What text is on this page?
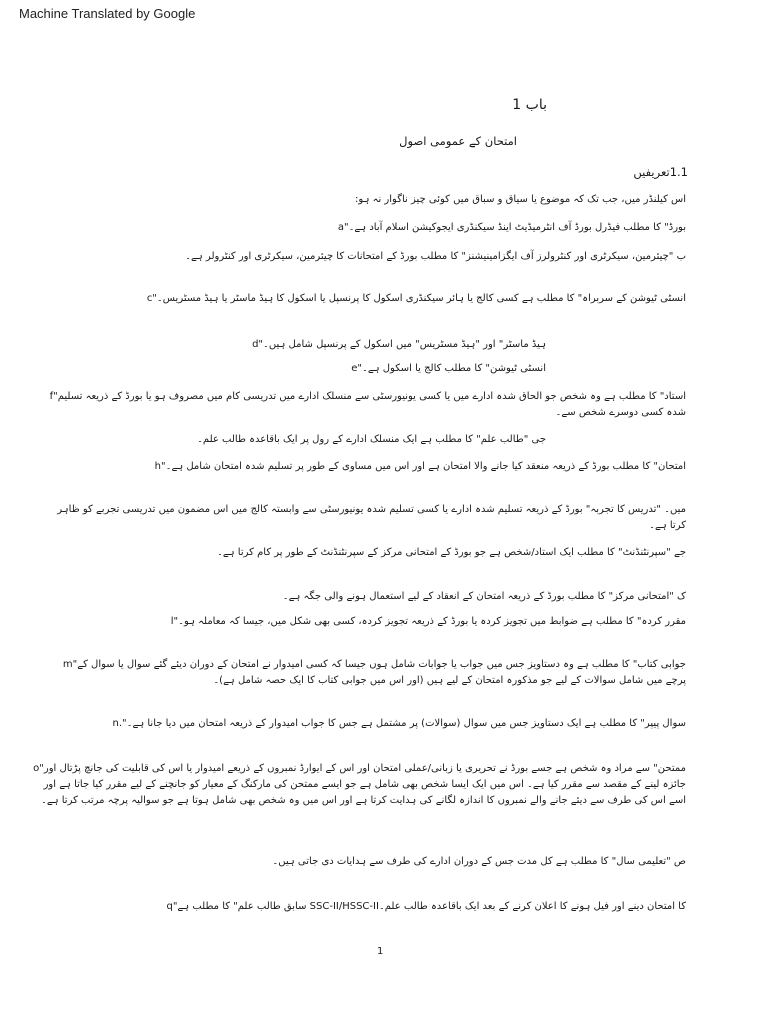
Machine Translated by Google
باب 1
امتحان کے عمومی اصول
1.1تعریفیں
اس کیلنڈر میں، جب تک کہ موضوع یا سیاق و سباق میں کوئی چیز ناگوار نہ ہو:
a"بورڈ" کا مطلب فیڈرل بورڈ آف انٹرمیڈیٹ اینڈ سیکنڈری ایجوکیشن اسلام آباد ہے۔
ب "چیئرمین، سیکرٹری اور کنٹرولرز آف ایگزامینیشنز" کا مطلب بورڈ کے امتحانات کا چیئرمین، سیکرٹری اور کنٹرولر ہے۔
c"انسٹی ٹیوشن کے سربراہ" کا مطلب ہے کسی کالج یا ہائر سیکنڈری اسکول کا پرنسپل یا اسکول کا ہیڈ ماسٹر یا ہیڈ مسٹریس۔
d"ہیڈ ماسٹر" اور "ہیڈ مسٹریس" میں اسکول کے پرنسپل شامل ہیں۔
e"انسٹی ٹیوشن" کا مطلب کالج یا اسکول ہے۔
f"استاد" کا مطلب ہے وہ شخص جو الحاق شدہ ادارے میں یا کسی یونیورسٹی سے منسلک ادارے میں تدریسی کام میں مصروف ہو یا بورڈ کے ذریعہ تسلیم شدہ کسی دوسرے شخص سے۔
جی "طالب علم" کا مطلب ہے ایک منسلک ادارے کے رول پر ایک باقاعدہ طالب علم۔
h"امتحان" کا مطلب بورڈ کے ذریعہ منعقد کیا جانے والا امتحان ہے اور اس میں مساوی کے طور پر تسلیم شدہ امتحان شامل ہے۔
میں۔ "تدریس کا تجربہ" بورڈ کے ذریعہ تسلیم شدہ ادارے یا کسی تسلیم شدہ یونیورسٹی سے وابستہ کالج میں اس مضمون میں تدریسی تجربے کو ظاہر کرتا ہے۔
جے "سپرنٹنڈنٹ" کا مطلب ایک استاد/شخص ہے جو بورڈ کے امتحانی مرکز کے سپرنٹنڈنٹ کے طور پر کام کرتا ہے۔
ک "امتحانی مرکز" کا مطلب بورڈ کے ذریعہ امتحان کے انعقاد کے لیے استعمال ہونے والی جگہ ہے۔
l"مقرر کردہ" کا مطلب ہے ضوابط میں تجویز کردہ یا بورڈ کے ذریعہ تجویز کردہ، کسی بھی شکل میں، جیسا کہ معاملہ ہو۔
m"جوابی کتاب" کا مطلب ہے وہ دستاویز جس میں جواب یا جوابات شامل ہوں جیسا کہ کسی امیدوار نے امتحان کے دوران دیئے گئے سوال یا سوال کے پرچے میں شامل سوالات کے لیے جو مذکورہ امتحان کے لیے ہیں (اور اس میں جوابی کتاب کا ایک حصہ شامل ہے)۔
n."سوال پیپر" کا مطلب ہے ایک دستاویز جس میں سوال (سوالات) پر مشتمل ہے جس کا جواب امیدوار کے ذریعہ امتحان میں دیا جانا ہے۔
o"ممتحن" سے مراد وہ شخص ہے جسے بورڈ نے تحریری یا زبانی/عملی امتحان اور اس کے ایوارڈ نمبروں کے ذریعے امیدوار یا اس کی قابلیت کی جانچ پڑتال اور جائزہ لینے کے مقصد سے مقرر کیا ہے۔ اس میں ایک ایسا شخص بھی شامل ہے جو ایسے ممتحن کی مارکنگ کے معیار کو جانچنے کے لیے مقرر کیا جاتا ہے اور اسے اس کی طرف سے دیئے جانے والے نمبروں کا اندازہ لگانے کی ہدایت کرتا ہے اور اس میں وہ شخص بھی شامل ہوتا ہے جو سوالیہ پرچہ مرتب کرتا ہے۔
ص "تعلیمی سال" کا مطلب ہے کل مدت جس کے دوران ادارے کی طرف سے ہدایات دی جاتی ہیں۔
q"سابق طالب علم" کا مطلب ہے SSC-II/HSSC-IIکا امتحان دینے اور فیل ہونے کا اعلان کرنے کے بعد ایک باقاعدہ طالب علم۔
1
